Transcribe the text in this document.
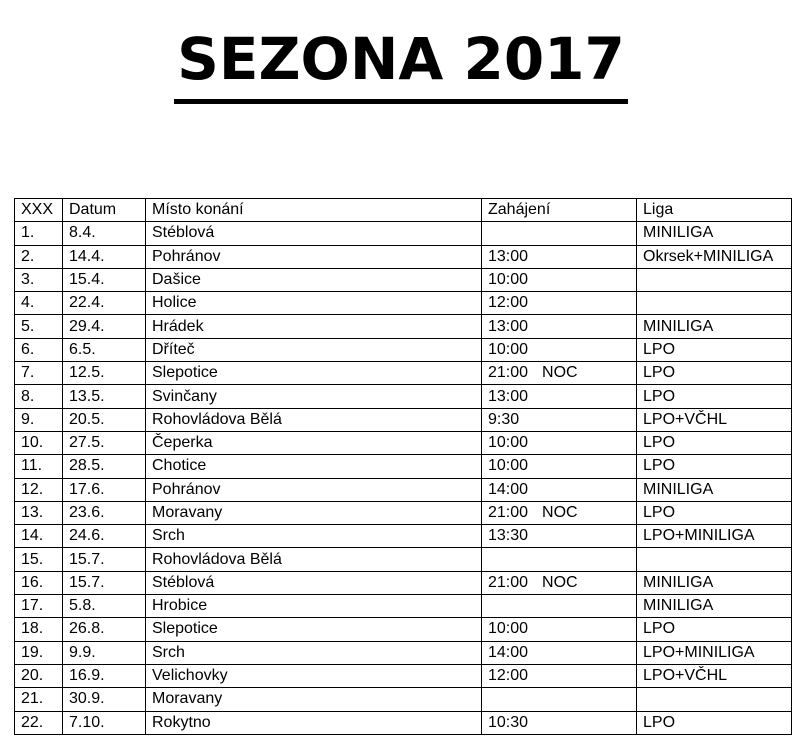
SEZONA 2017
XXX	Datum	Místo konání	Zahájení	Liga
1.	8.4.	Stéblová		MINILIGA
2.	14.4.	Pohránov	13:00	Okrsek+MINILIGA
3.	15.4.	Dašice	10:00	
4.	22.4.	Holice	12:00	
5.	29.4.	Hrádek	13:00	MINILIGA
6.	6.5.	Dříteč	10:00	LPO
7.	12.5.	Slepotice	21:00 NOC	LPO
8.	13.5.	Svinčany	13:00	LPO
9.	20.5.	Rohovládova Bělá	9:30	LPO+VČHL
10.	27.5.	Čeperka	10:00	LPO
11.	28.5.	Chotice	10:00	LPO
12.	17.6.	Pohránov	14:00	MINILIGA
13.	23.6.	Moravany	21:00 NOC	LPO
14.	24.6.	Srch	13:30	LPO+MINILIGA
15.	15.7.	Rohovládova Bělá		
16.	15.7.	Stéblová	21:00 NOC	MINILIGA
17.	5.8.	Hrobice		MINILIGA
18.	26.8.	Slepotice	10:00	LPO
19.	9.9.	Srch	14:00	LPO+MINILIGA
20.	16.9.	Velichovky	12:00	LPO+VČHL
21.	30.9.	Moravany		
22.	7.10.	Rokytno	10:30	LPO
